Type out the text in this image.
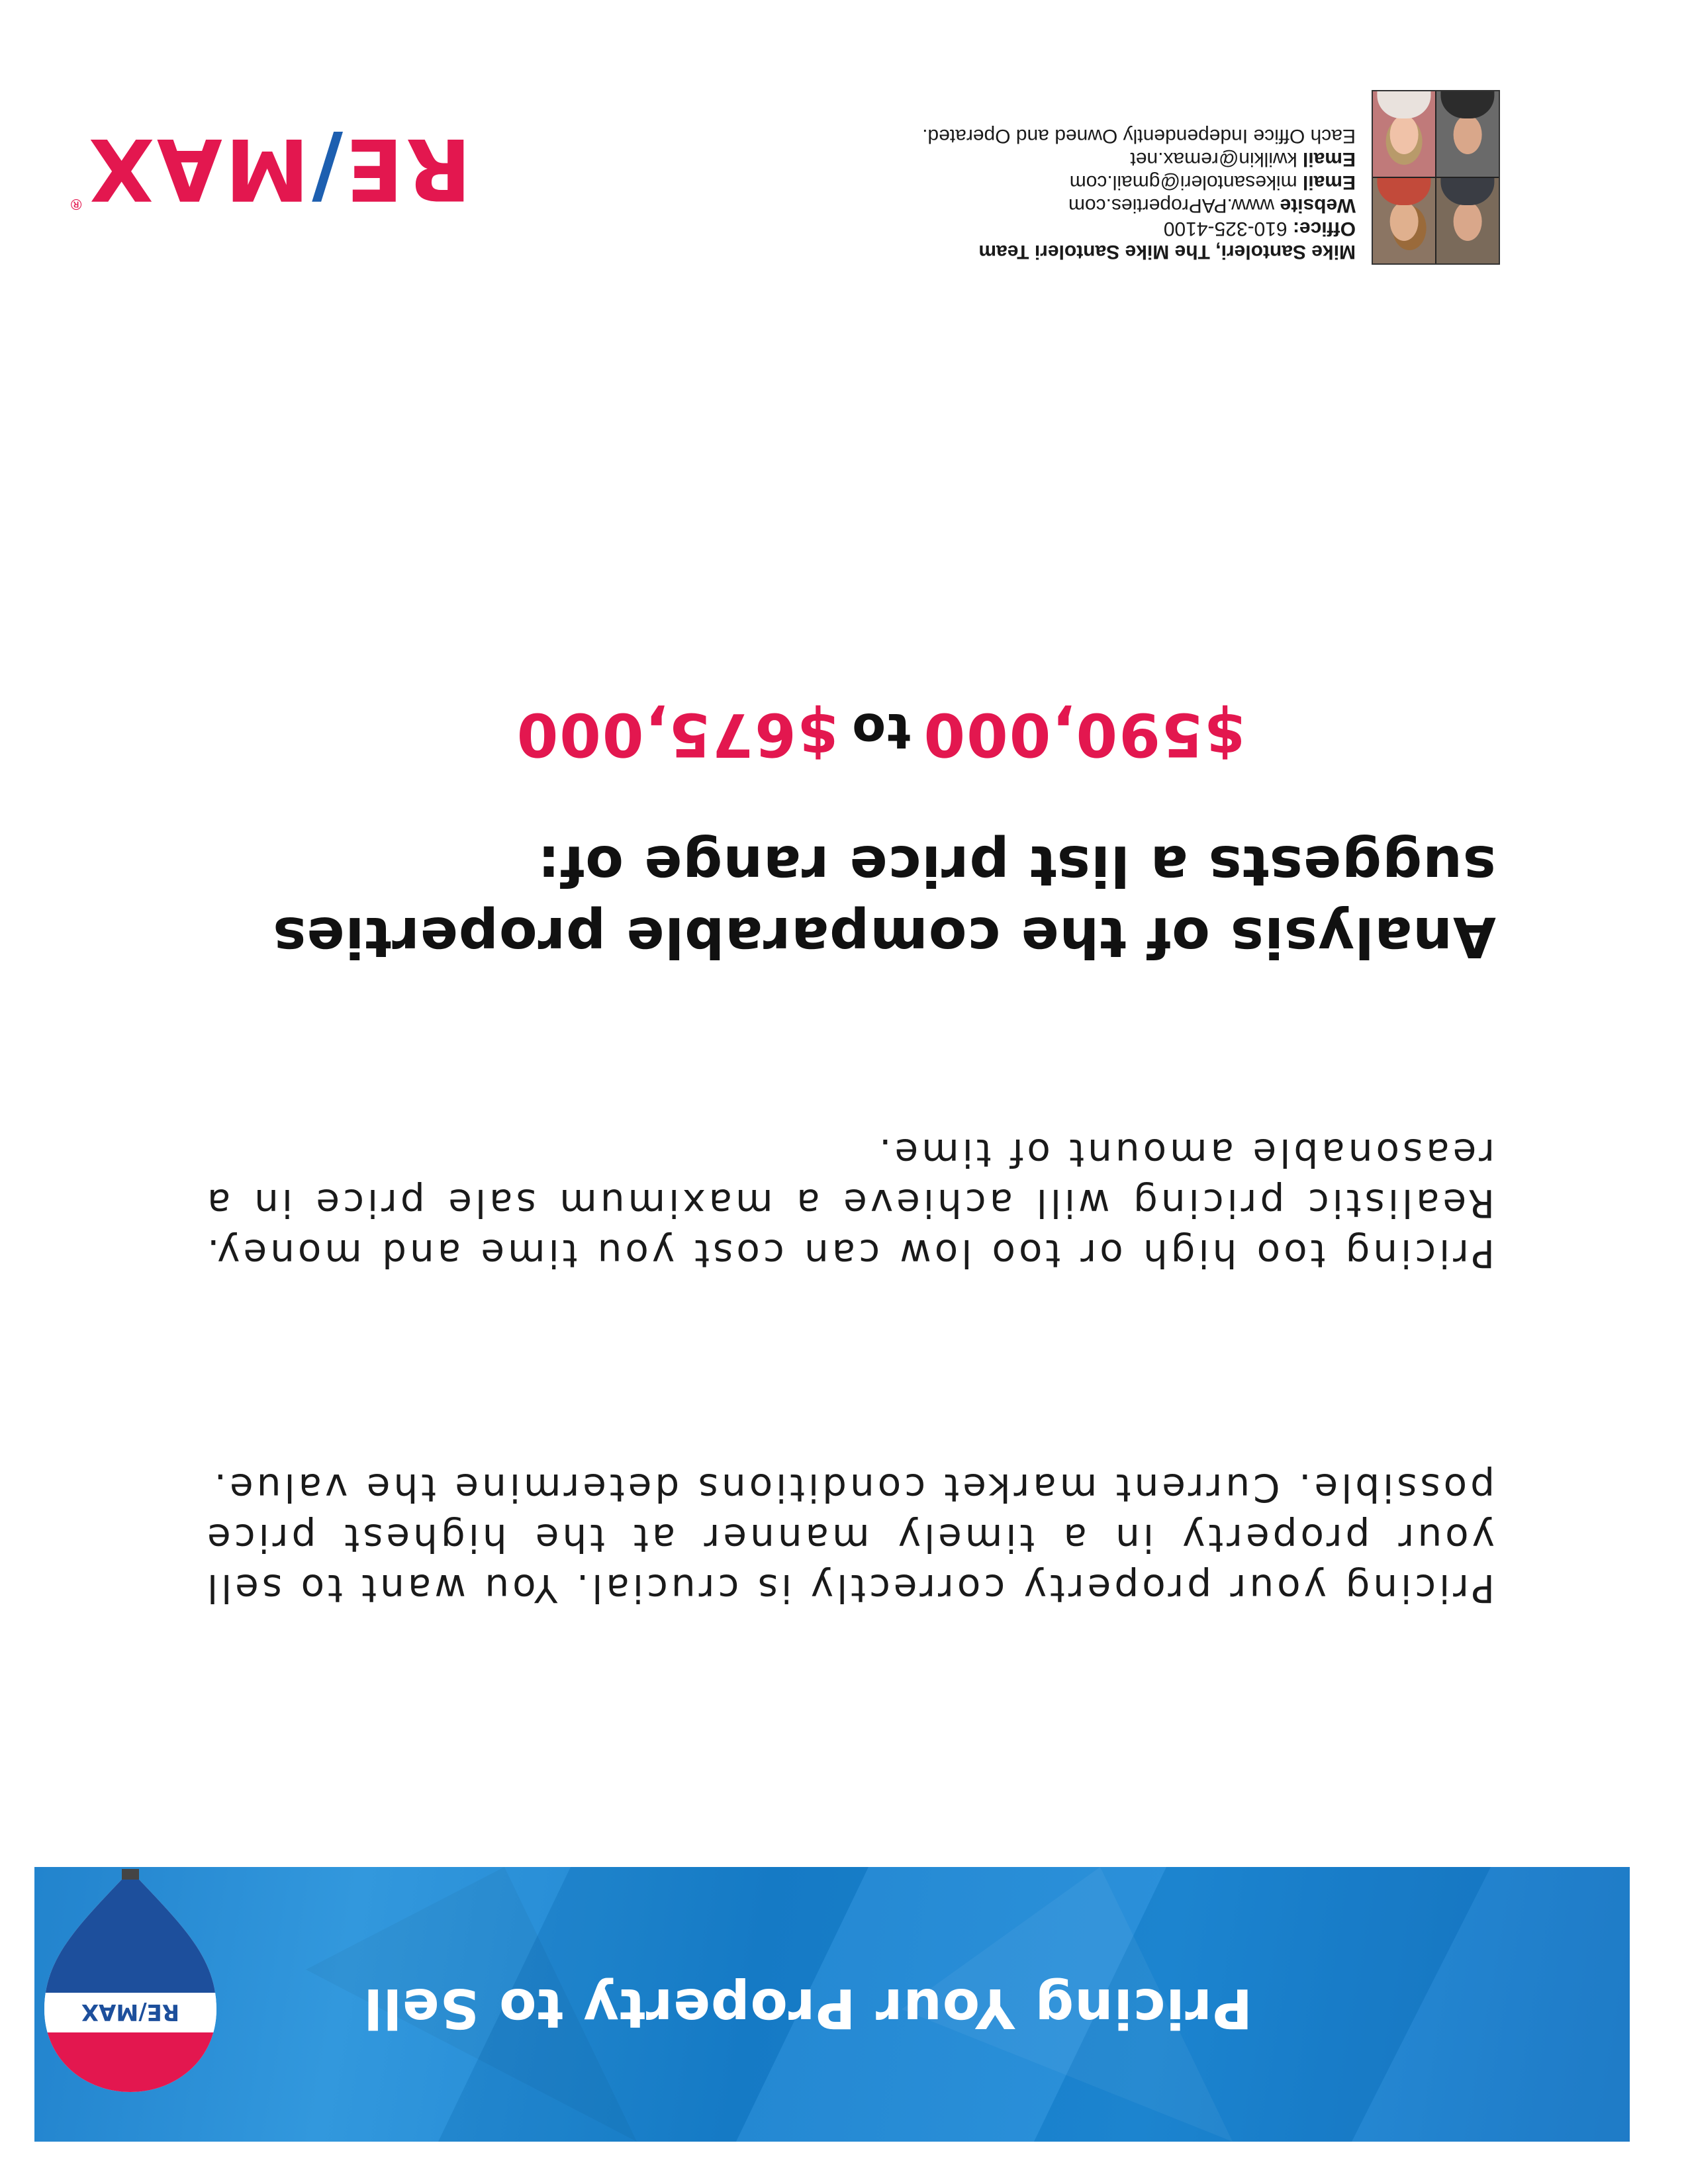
RE/MAX	Pricing Your Property to Sell
Pricing your property correctly is crucial. You want to sell your property in a timely manner at the highest price possible. Current market conditions determine the value.
Pricing too high or too low can cost you time and money. Realistic pricing will achieve a maximum sale price in a reasonable amount of time.
Analysis of the comparable properties suggests a list price range of:
$590,000to$675,000
Mike Santoleri, The Mike Santoleri Team
Office: 610-325-4100
Website www.PAProperties.com
Email mikesantoleri@gmail.com
Email kwilkin@remax.net
Each Office Independently Owned and Operated.
RE/MAX®
